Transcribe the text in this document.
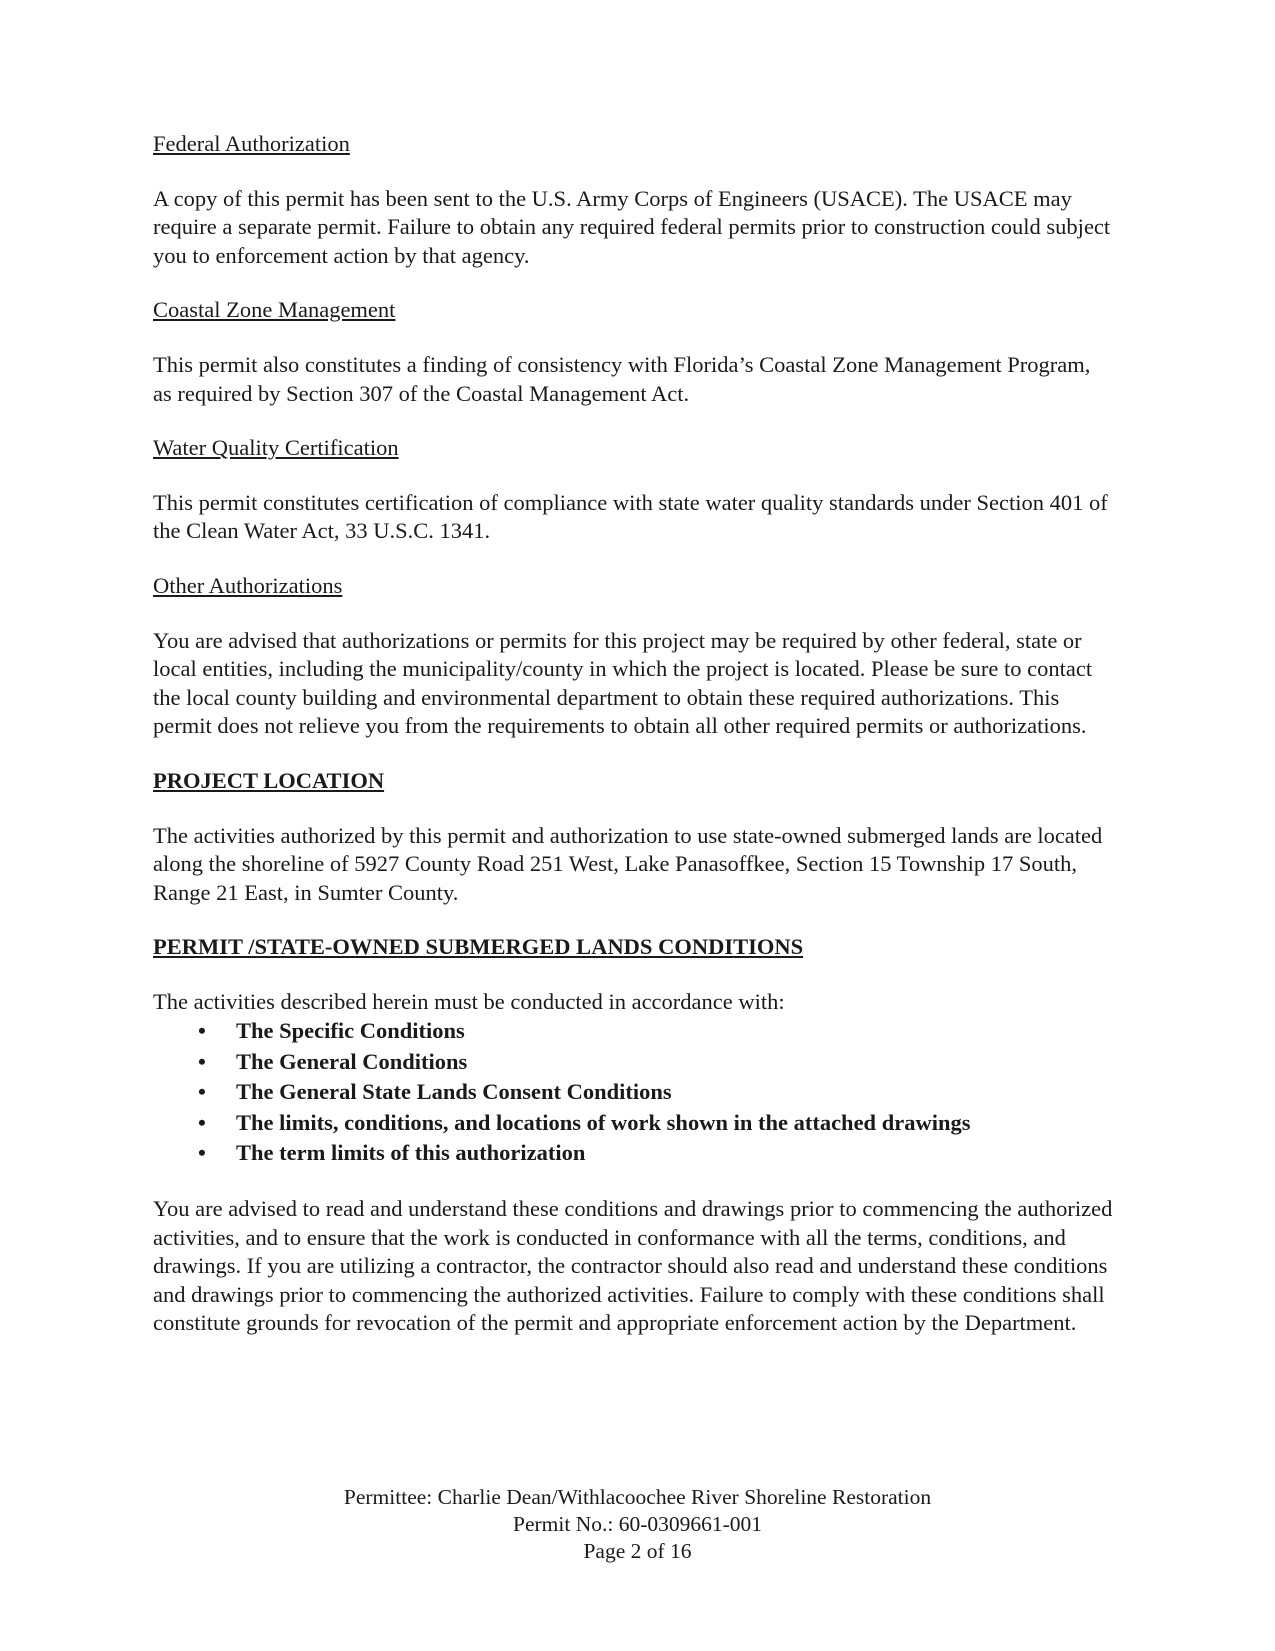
Federal Authorization

A copy of this permit has been sent to the U.S. Army Corps of Engineers (USACE). The USACE may require a separate permit. Failure to obtain any required federal permits prior to construction could subject you to enforcement action by that agency.

Coastal Zone Management

This permit also constitutes a finding of consistency with Florida’s Coastal Zone Management Program, as required by Section 307 of the Coastal Management Act.

Water Quality Certification

This permit constitutes certification of compliance with state water quality standards under Section 401 of the Clean Water Act, 33 U.S.C. 1341.

Other Authorizations

You are advised that authorizations or permits for this project may be required by other federal, state or local entities, including the municipality/county in which the project is located. Please be sure to contact the local county building and environmental department to obtain these required authorizations. This permit does not relieve you from the requirements to obtain all other required permits or authorizations.

PROJECT LOCATION

The activities authorized by this permit and authorization to use state-owned submerged lands are located along the shoreline of 5927 County Road 251 West, Lake Panasoffkee, Section 15 Township 17 South, Range 21 East, in Sumter County.

PERMIT /STATE-OWNED SUBMERGED LANDS CONDITIONS

The activities described herein must be conducted in accordance with:

• The Specific Conditions
• The General Conditions
• The General State Lands Consent Conditions
• The limits, conditions, and locations of work shown in the attached drawings
• The term limits of this authorization

You are advised to read and understand these conditions and drawings prior to commencing the authorized activities, and to ensure that the work is conducted in conformance with all the terms, conditions, and drawings. If you are utilizing a contractor, the contractor should also read and understand these conditions and drawings prior to commencing the authorized activities. Failure to comply with these conditions shall constitute grounds for revocation of the permit and appropriate enforcement action by the Department.

Permittee: Charlie Dean/Withlacoochee River Shoreline Restoration
Permit No.: 60-0309661-001
Page 2 of 16
